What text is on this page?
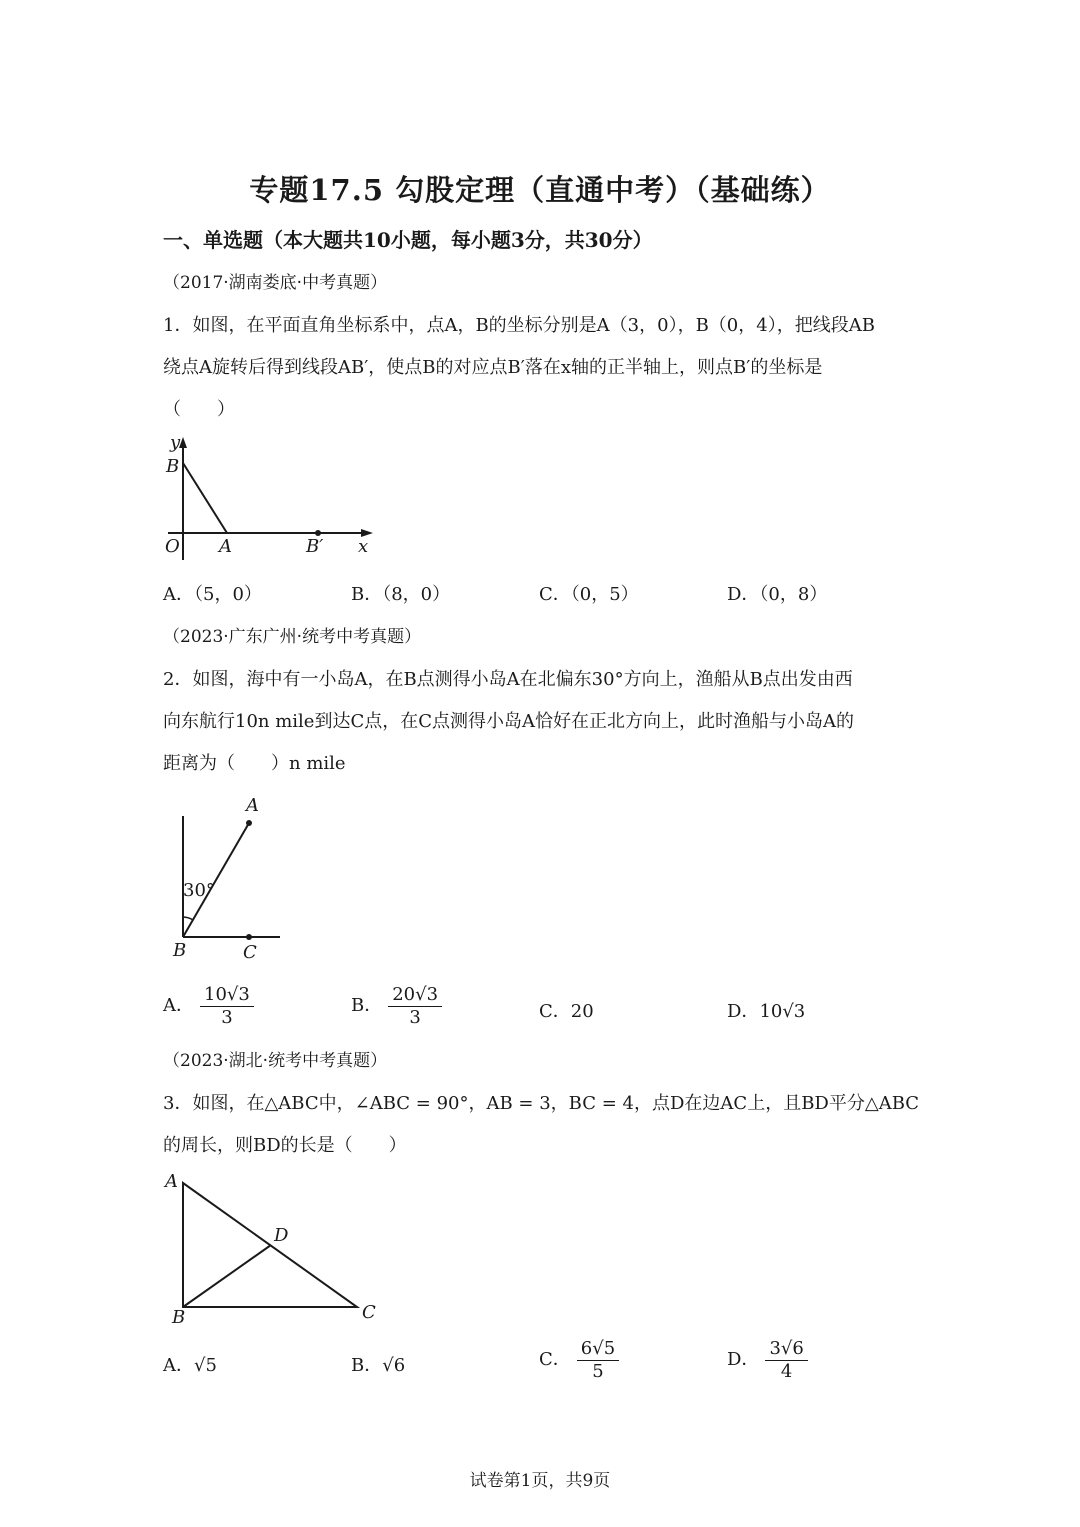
专题17.5 勾股定理（直通中考）（基础练）
一、单选题（本大题共10小题，每小题3分，共30分）
（2017·湖南娄底·中考真题）
1．如图，在平面直角坐标系中，点A，B的坐标分别是A（3，0），B（0，4），把线段AB
绕点A旋转后得到线段AB′，使点B的对应点B′落在x轴的正半轴上，则点B′的坐标是
（　　）
y
B
O A	B′ x
A．（5，0）	B．（8，0）	C．（0，5）	D．（0，8）
（2023·广东广州·统考中考真题）
2．如图，海中有一小岛A，在B点测得小岛A在北偏东30°方向上，渔船从B点出发由西
向东航行10n mile到达C点，在C点测得小岛A恰好在正北方向上，此时渔船与小岛A的
距离为（　　）n mile
A
30°
B	C
A． $\frac{10√3}{3}$	B． $\frac{20√3}{3}$	C．20	D．10√3
（2023·湖北·统考中考真题）
3．如图，在△ABC中，∠ABC = 90°，AB = 3，BC = 4，点D在边AC上，且BD平分△ABC
的周长，则BD的长是（　　）
A
B	C
D
A．√5	B．√6	C． $\frac{6√5}{5}$	D． $\frac{3√6}{4}$
试卷第1页，共9页
